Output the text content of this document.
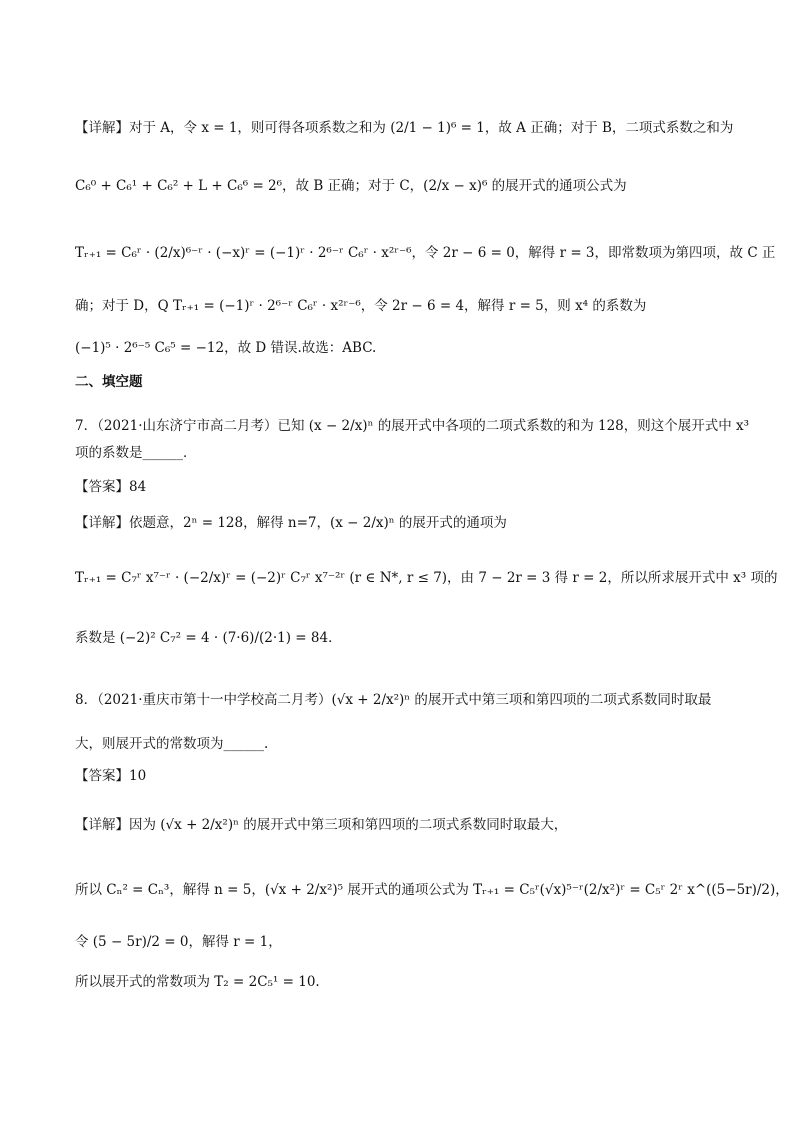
【详解】对于 A，令 x = 1，则可得各项系数之和为 (2/1 − 1)⁶ = 1，故 A 正确；对于 B，二项式系数之和为
C₆⁰ + C₆¹ + C₆² + L + C₆⁶ = 2⁶，故 B 正确；对于 C，(2/x − x)⁶ 的展开式的通项公式为
Tᵣ₊₁ = C₆ʳ · (2/x)⁶⁻ʳ · (−x)ʳ = (−1)ʳ · 2⁶⁻ʳ C₆ʳ · x²ʳ⁻⁶，令 2r − 6 = 0，解得 r = 3，即常数项为第四项，故 C 正
确；对于 D，Q Tᵣ₊₁ = (−1)ʳ · 2⁶⁻ʳ C₆ʳ · x²ʳ⁻⁶，令 2r − 6 = 4，解得 r = 5，则 x⁴ 的系数为
(−1)⁵ · 2⁶⁻⁵ C₆⁵ = −12，故 D 错误.故选：ABC.
二、填空题
7．（2021·山东济宁市高二月考）已知 (x − 2/x)ⁿ 的展开式中各项的二项式系数的和为 128，则这个展开式中 x³
项的系数是______．
【答案】84
【详解】依题意，2ⁿ = 128，解得 n=7，(x − 2/x)ⁿ 的展开式的通项为
Tᵣ₊₁ = C₇ʳ x⁷⁻ʳ · (−2/x)ʳ = (−2)ʳ C₇ʳ x⁷⁻²ʳ (r ∈ N*, r ≤ 7)，由 7 − 2r = 3 得 r = 2，所以所求展开式中 x³ 项的
系数是 (−2)² C₇² = 4 · (7·6)/(2·1) = 84．
8．（2021·重庆市第十一中学校高二月考）(√x + 2/x²)ⁿ 的展开式中第三项和第四项的二项式系数同时取最
大，则展开式的常数项为______.
【答案】10
【详解】因为 (√x + 2/x²)ⁿ 的展开式中第三项和第四项的二项式系数同时取最大，
所以 Cₙ² = Cₙ³，解得 n = 5，(√x + 2/x²)⁵ 展开式的通项公式为 Tᵣ₊₁ = C₅ʳ(√x)⁵⁻ʳ(2/x²)ʳ = C₅ʳ 2ʳ x^((5−5r)/2)，
令 (5 − 5r)/2 = 0，解得 r = 1，
所以展开式的常数项为 T₂ = 2C₅¹ = 10.
